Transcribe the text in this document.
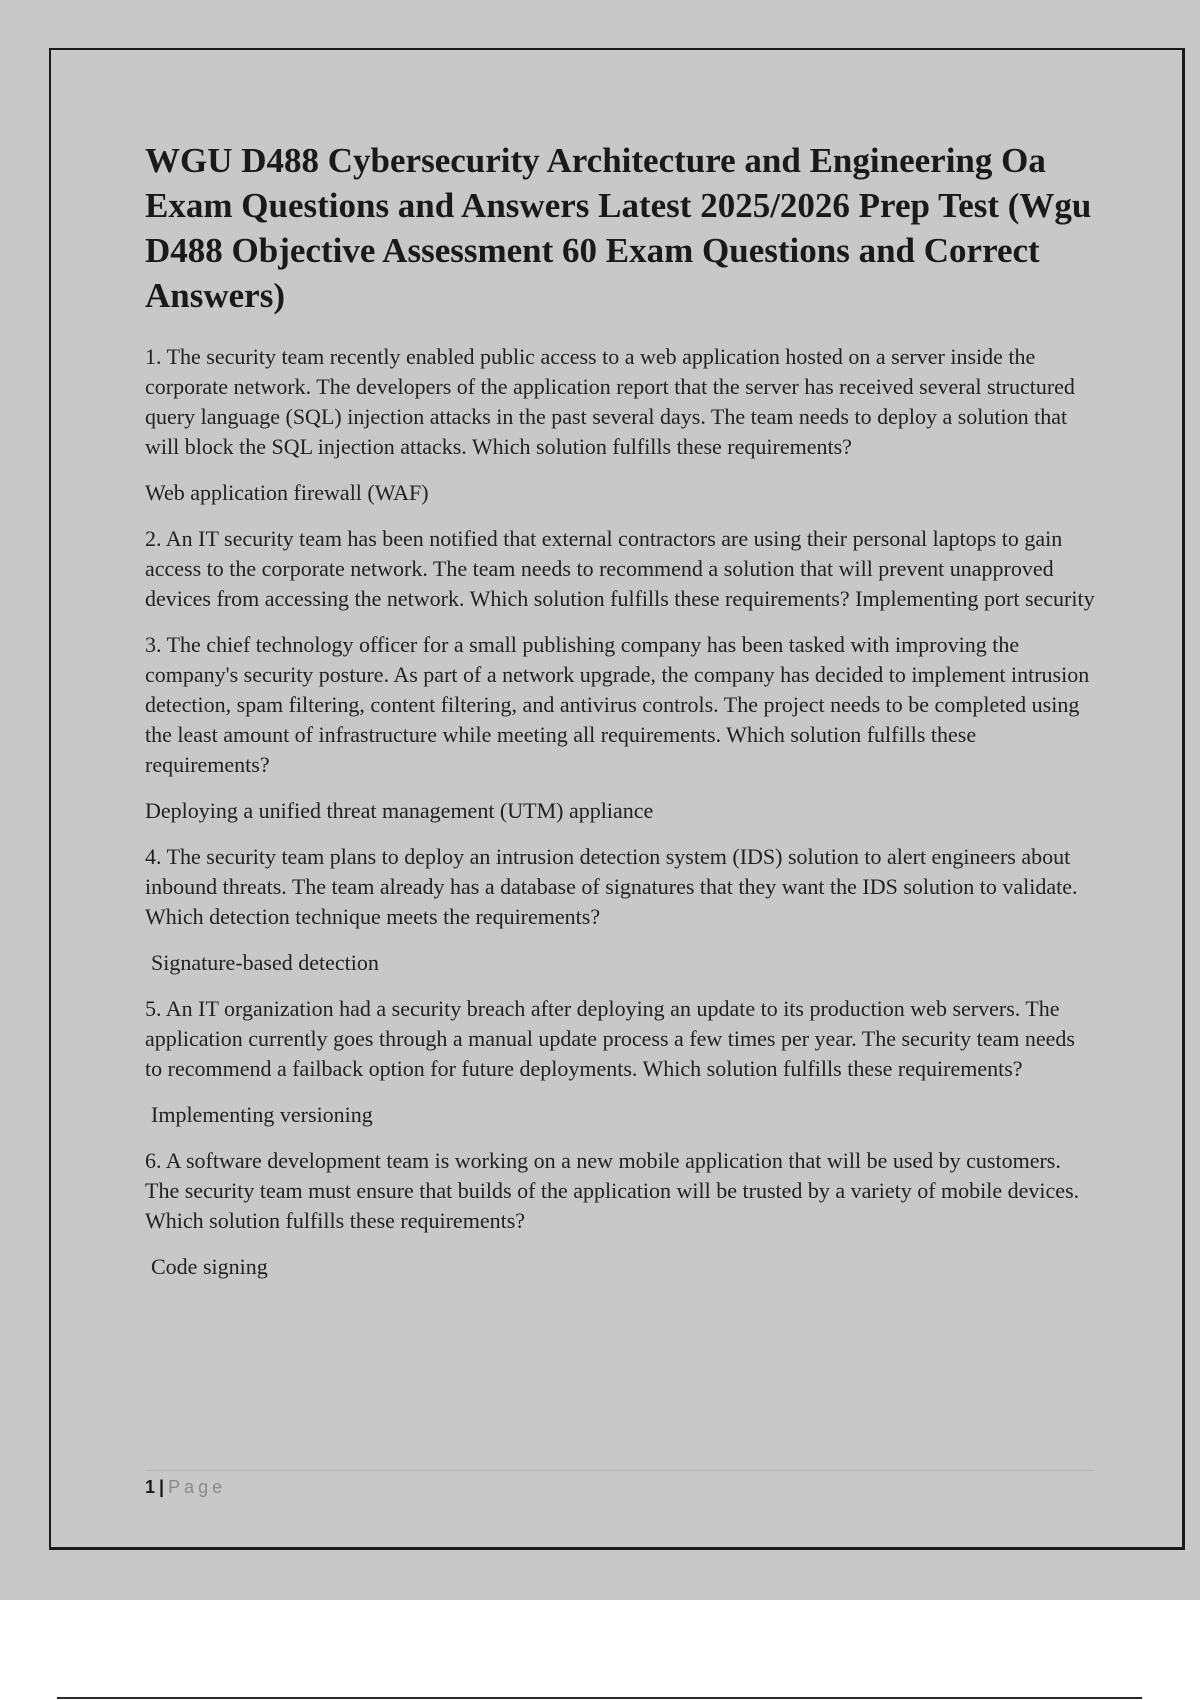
WGU D488 Cybersecurity Architecture and Engineering Oa Exam Questions and Answers Latest 2025/2026 Prep Test (Wgu D488 Objective Assessment 60 Exam Questions and Correct Answers)

1. The security team recently enabled public access to a web application hosted on a server inside the corporate network. The developers of the application report that the server has received several structured query language (SQL) injection attacks in the past several days. The team needs to deploy a solution that will block the SQL injection attacks. Which solution fulfills these requirements?

Web application firewall (WAF)

2. An IT security team has been notified that external contractors are using their personal laptops to gain access to the corporate network. The team needs to recommend a solution that will prevent unapproved devices from accessing the network. Which solution fulfills these requirements? Implementing port security

3. The chief technology officer for a small publishing company has been tasked with improving the company's security posture. As part of a network upgrade, the company has decided to implement intrusion detection, spam filtering, content filtering, and antivirus controls. The project needs to be completed using the least amount of infrastructure while meeting all requirements. Which solution fulfills these requirements?

Deploying a unified threat management (UTM) appliance

4. The security team plans to deploy an intrusion detection system (IDS) solution to alert engineers about inbound threats. The team already has a database of signatures that they want the IDS solution to validate. Which detection technique meets the requirements?

Signature-based detection

5. An IT organization had a security breach after deploying an update to its production web servers. The application currently goes through a manual update process a few times per year. The security team needs to recommend a failback option for future deployments. Which solution fulfills these requirements?

Implementing versioning

6. A software development team is working on a new mobile application that will be used by customers. The security team must ensure that builds of the application will be trusted by a variety of mobile devices. Which solution fulfills these requirements?

Code signing

1 | Page
